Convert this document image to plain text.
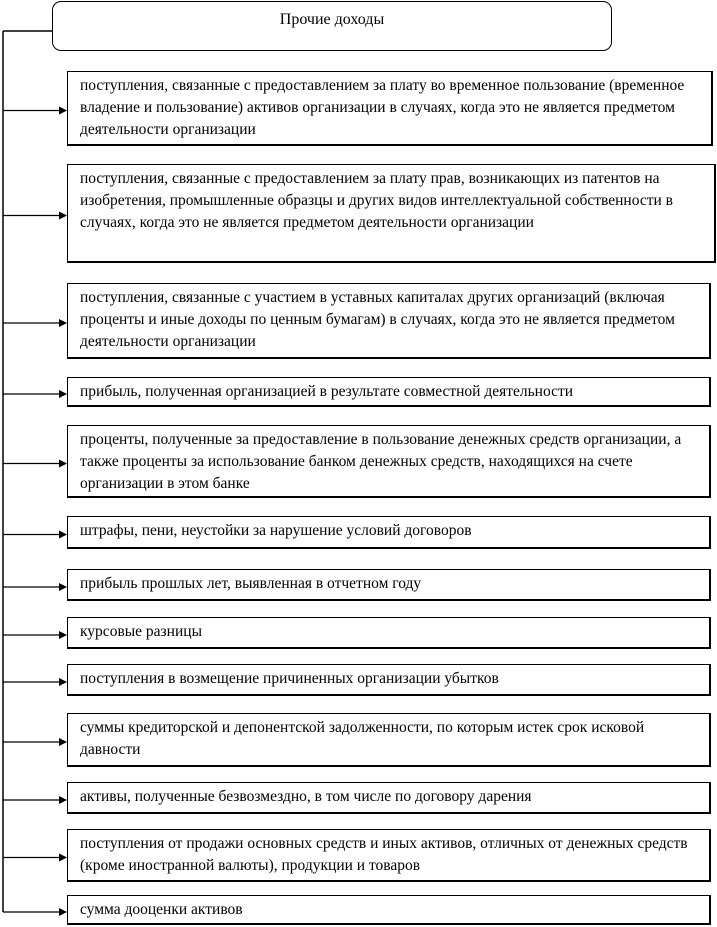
Прочие доходы
поступления, связанные с предоставлением за плату во временное пользование (временное владение и пользование) активов организации в случаях, когда это не является предметом деятельности организации
поступления, связанные с предоставлением за плату прав, возникающих из патентов на изобретения, промышленные образцы и других видов интеллектуальной собственности в случаях, когда это не является предметом деятельности организации
поступления, связанные с участием в уставных капиталах других организаций (включая проценты и иные доходы по ценным бумагам) в случаях, когда это не является предметом деятельности организации
прибыль, полученная организацией в результате совместной деятельности
проценты, полученные за предоставление в пользование денежных средств организации, а также проценты за использование банком денежных средств, находящихся на счете организации в этом банке
штрафы, пени, неустойки за нарушение условий договоров
прибыль прошлых лет, выявленная в отчетном году
курсовые разницы
поступления в возмещение причиненных организации убытков
суммы кредиторской и депонентской задолженности, по которым истек срок исковой давности
активы, полученные безвозмездно, в том числе по договору дарения
поступления от продажи основных средств и иных активов, отличных от денежных средств (кроме иностранной валюты), продукции и товаров
сумма дооценки активов
